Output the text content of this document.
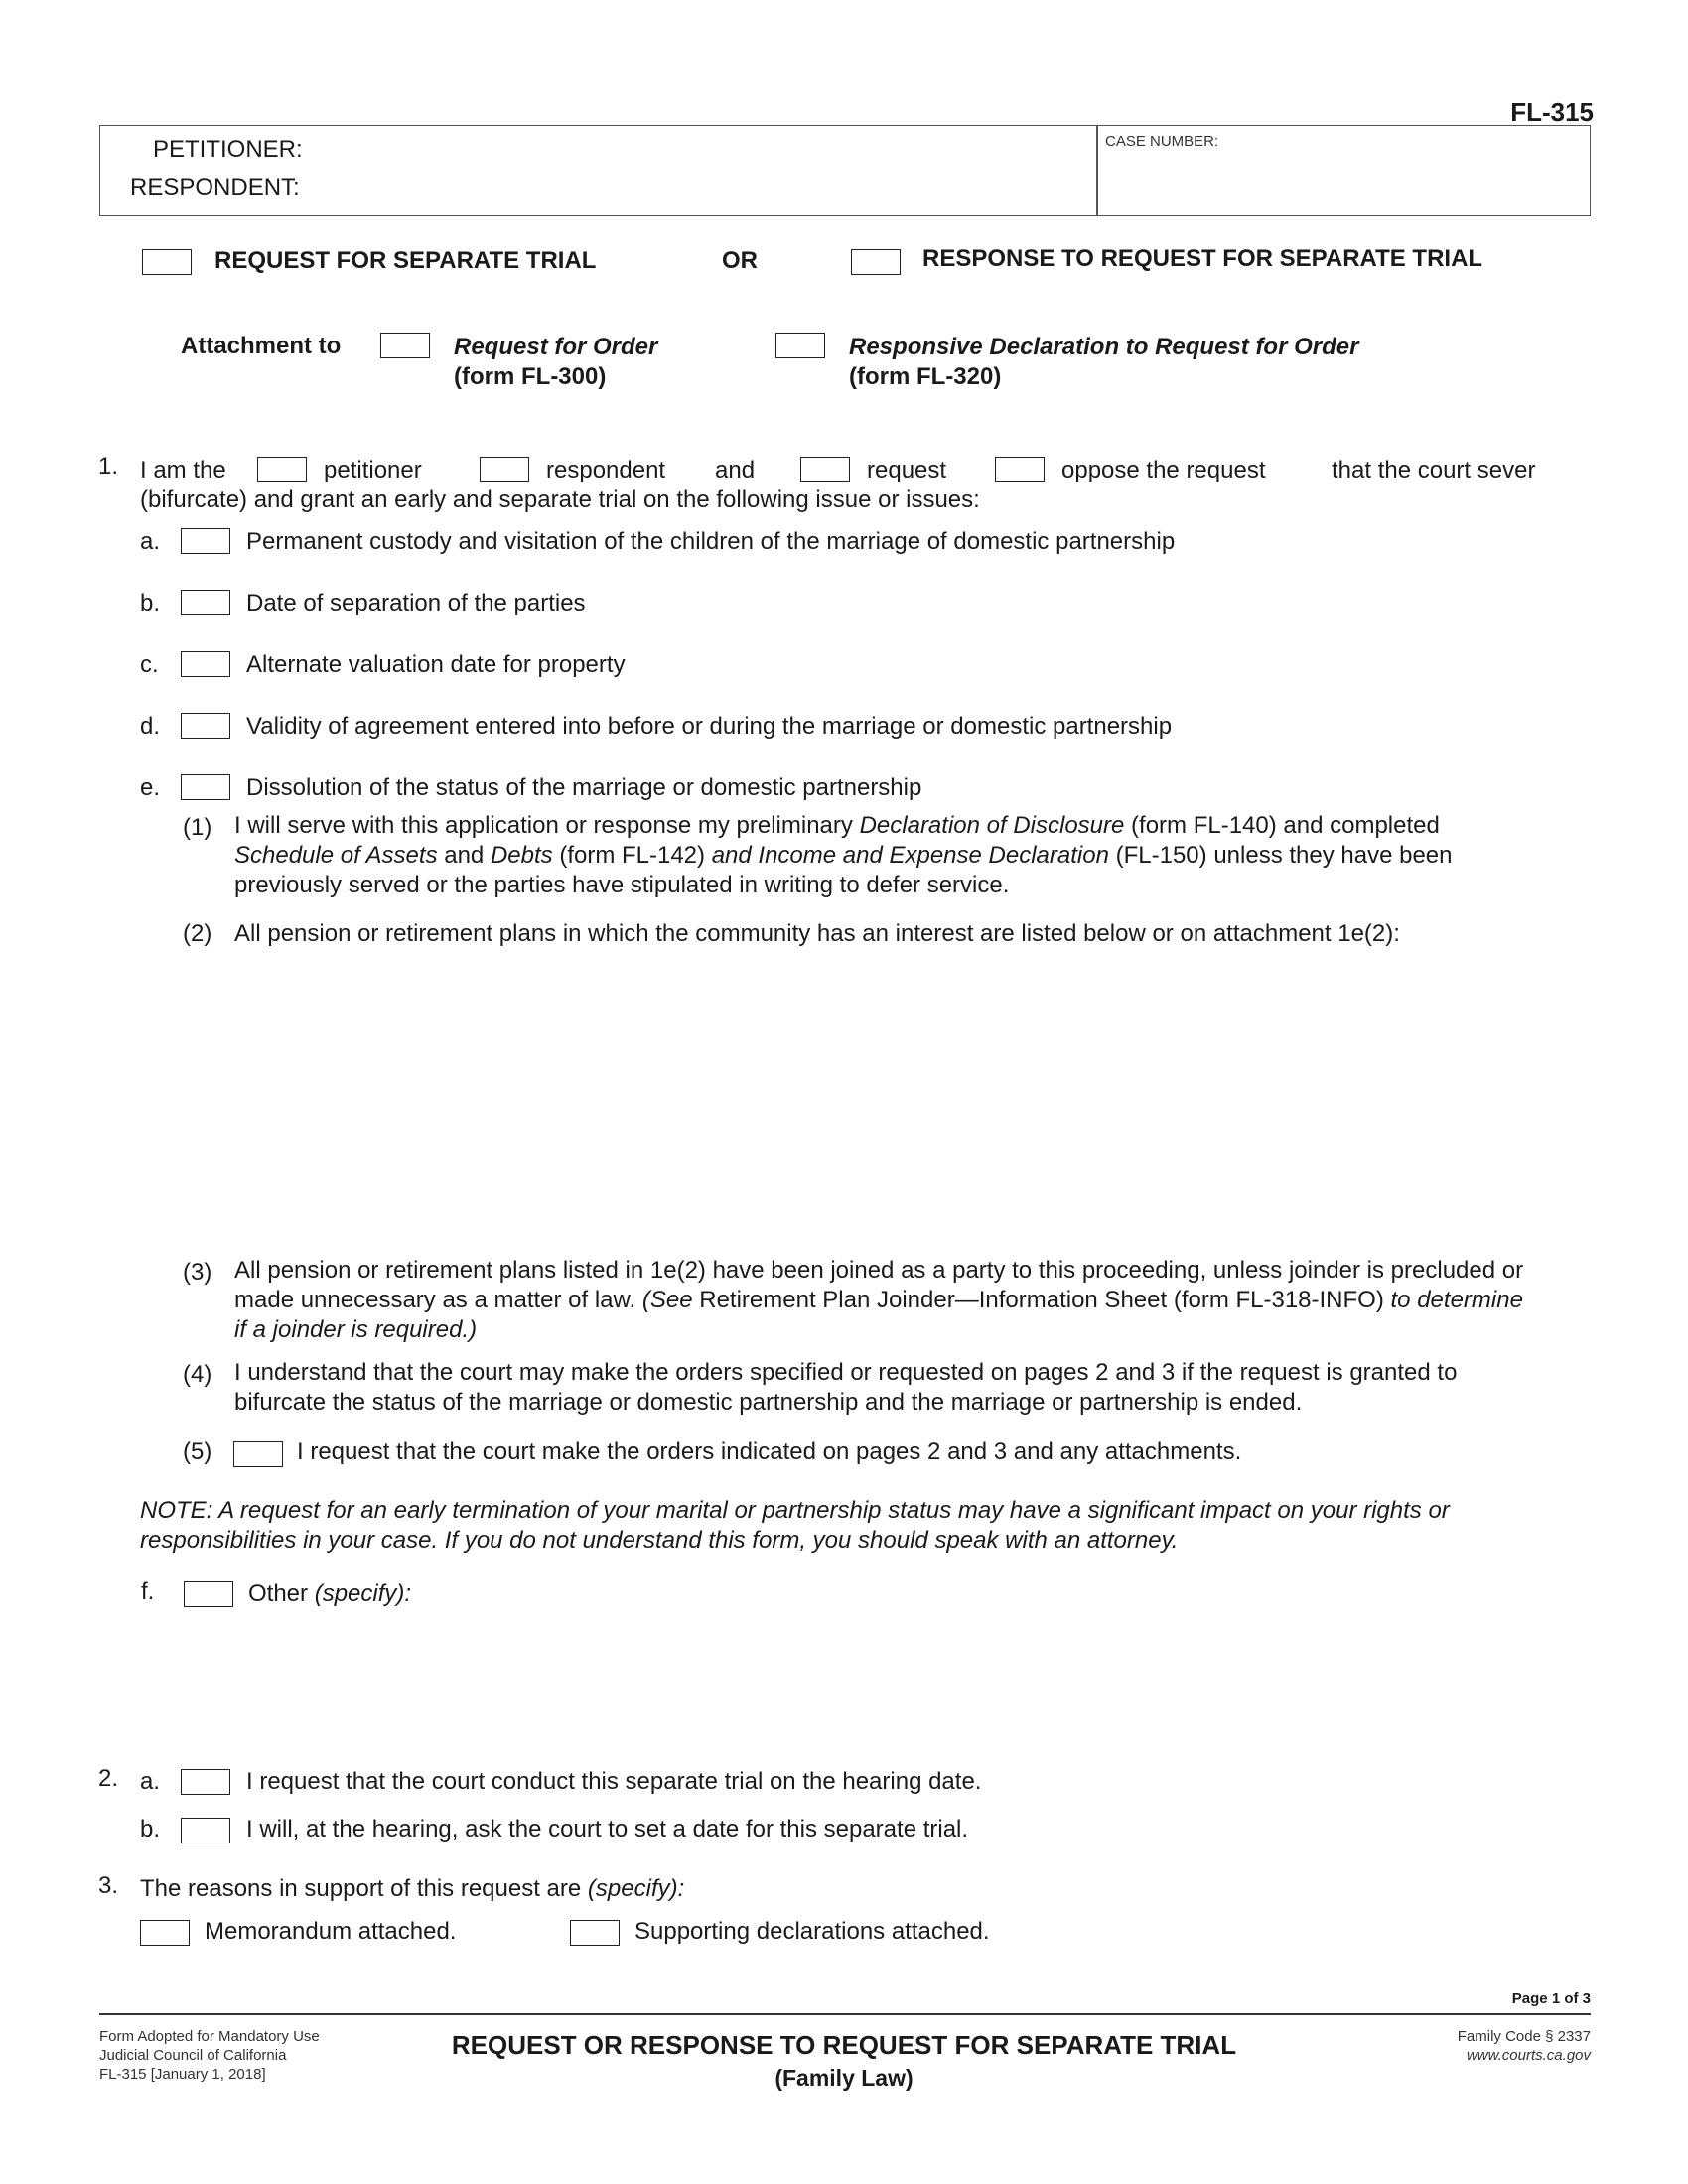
FL-315
PETITIONER:
RESPONDENT:
CASE NUMBER:
REQUEST FOR SEPARATE TRIAL	OR	RESPONSE TO REQUEST FOR SEPARATE TRIAL
Attachment to	Request for Order
(form FL-300)
Responsive Declaration to Request for Order
(form FL-320)
1. I am the	petitioner	respondent and	request	oppose the request	that the court sever
(bifurcate) and grant an early and separate trial on the following issue or issues:
a.	Permanent custody and visitation of the children of the marriage of domestic partnership
b.	Date of separation of the parties
c.	Alternate valuation date for property
d.	Validity of agreement entered into before or during the marriage or domestic partnership
e.	Dissolution of the status of the marriage or domestic partnership
(1) I will serve with this application or response my preliminary Declaration of Disclosure (form FL-140) and completed
Schedule of Assets and Debts (form FL-142) and Income and Expense Declaration (FL-150) unless they have been
previously served or the parties have stipulated in writing to defer service.
(2) All pension or retirement plans in which the community has an interest are listed below or on attachment 1e(2):
(3) All pension or retirement plans listed in 1e(2) have been joined as a party to this proceeding, unless joinder is precluded or
made unnecessary as a matter of law. (See Retirement Plan Joinder—Information Sheet (form FL-318-INFO) to determine
if a joinder is required.)
(4) I understand that the court may make the orders specified or requested on pages 2 and 3 if the request is granted to
bifurcate the status of the marriage or domestic partnership and the marriage or partnership is ended.
(5)	I request that the court make the orders indicated on pages 2 and 3 and any attachments.
NOTE: A request for an early termination of your marital or partnership status may have a significant impact on your rights or
responsibilities in your case. If you do not understand this form, you should speak with an attorney.
f.	Other (specify):
2. a.	I request that the court conduct this separate trial on the hearing date.
b.	I will, at the hearing, ask the court to set a date for this separate trial.
3. The reasons in support of this request are (specify):
Memorandum attached.	Supporting declarations attached.
Page 1 of 3
Form Adopted for Mandatory Use
Judicial Council of California
FL-315 [January 1, 2018]
REQUEST OR RESPONSE TO REQUEST FOR SEPARATE TRIAL
(Family Law)
Family Code § 2337
www.courts.ca.gov
